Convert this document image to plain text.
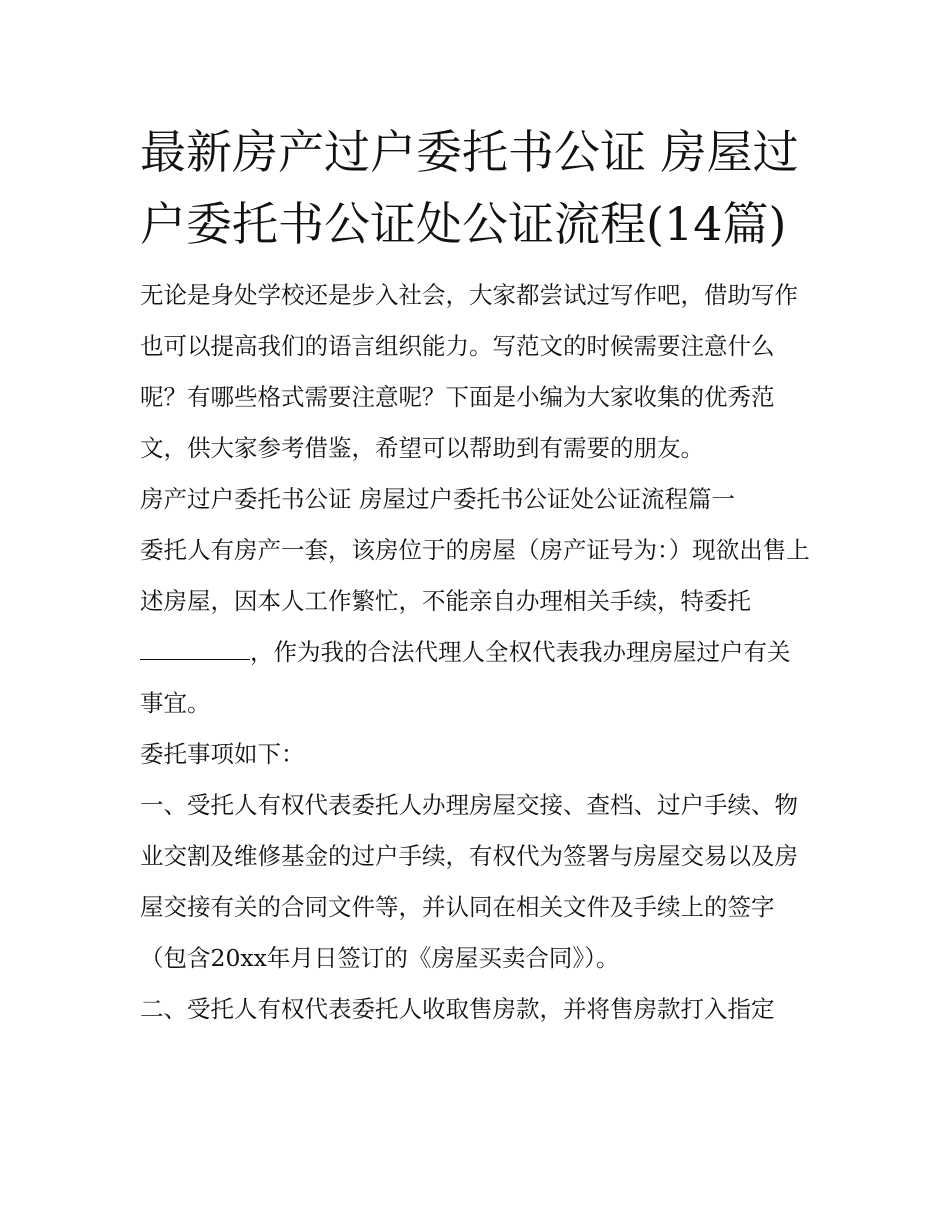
最新房产过户委托书公证 房屋过户委托书公证处公证流程(14篇)

无论是身处学校还是步入社会，大家都尝试过写作吧，借助写作也可以提高我们的语言组织能力。写范文的时候需要注意什么呢？有哪些格式需要注意呢？下面是小编为大家收集的优秀范文，供大家参考借鉴，希望可以帮助到有需要的朋友。

房产过户委托书公证 房屋过户委托书公证处公证流程篇一

委托人有房产一套，该房位于的房屋（房产证号为：）现欲出售上述房屋，因本人工作繁忙，不能亲自办理相关手续，特委托，作为我的合法代理人全权代表我办理房屋过户有关事宜。

委托事项如下：

一、受托人有权代表委托人办理房屋交接、查档、过户手续、物业交割及维修基金的过户手续，有权代为签署与房屋交易以及房屋交接有关的合同文件等，并认同在相关文件及手续上的签字（包含20xx年月日签订的《房屋买卖合同》）。

二、受托人有权代表委托人收取售房款，并将售房款打入指定
